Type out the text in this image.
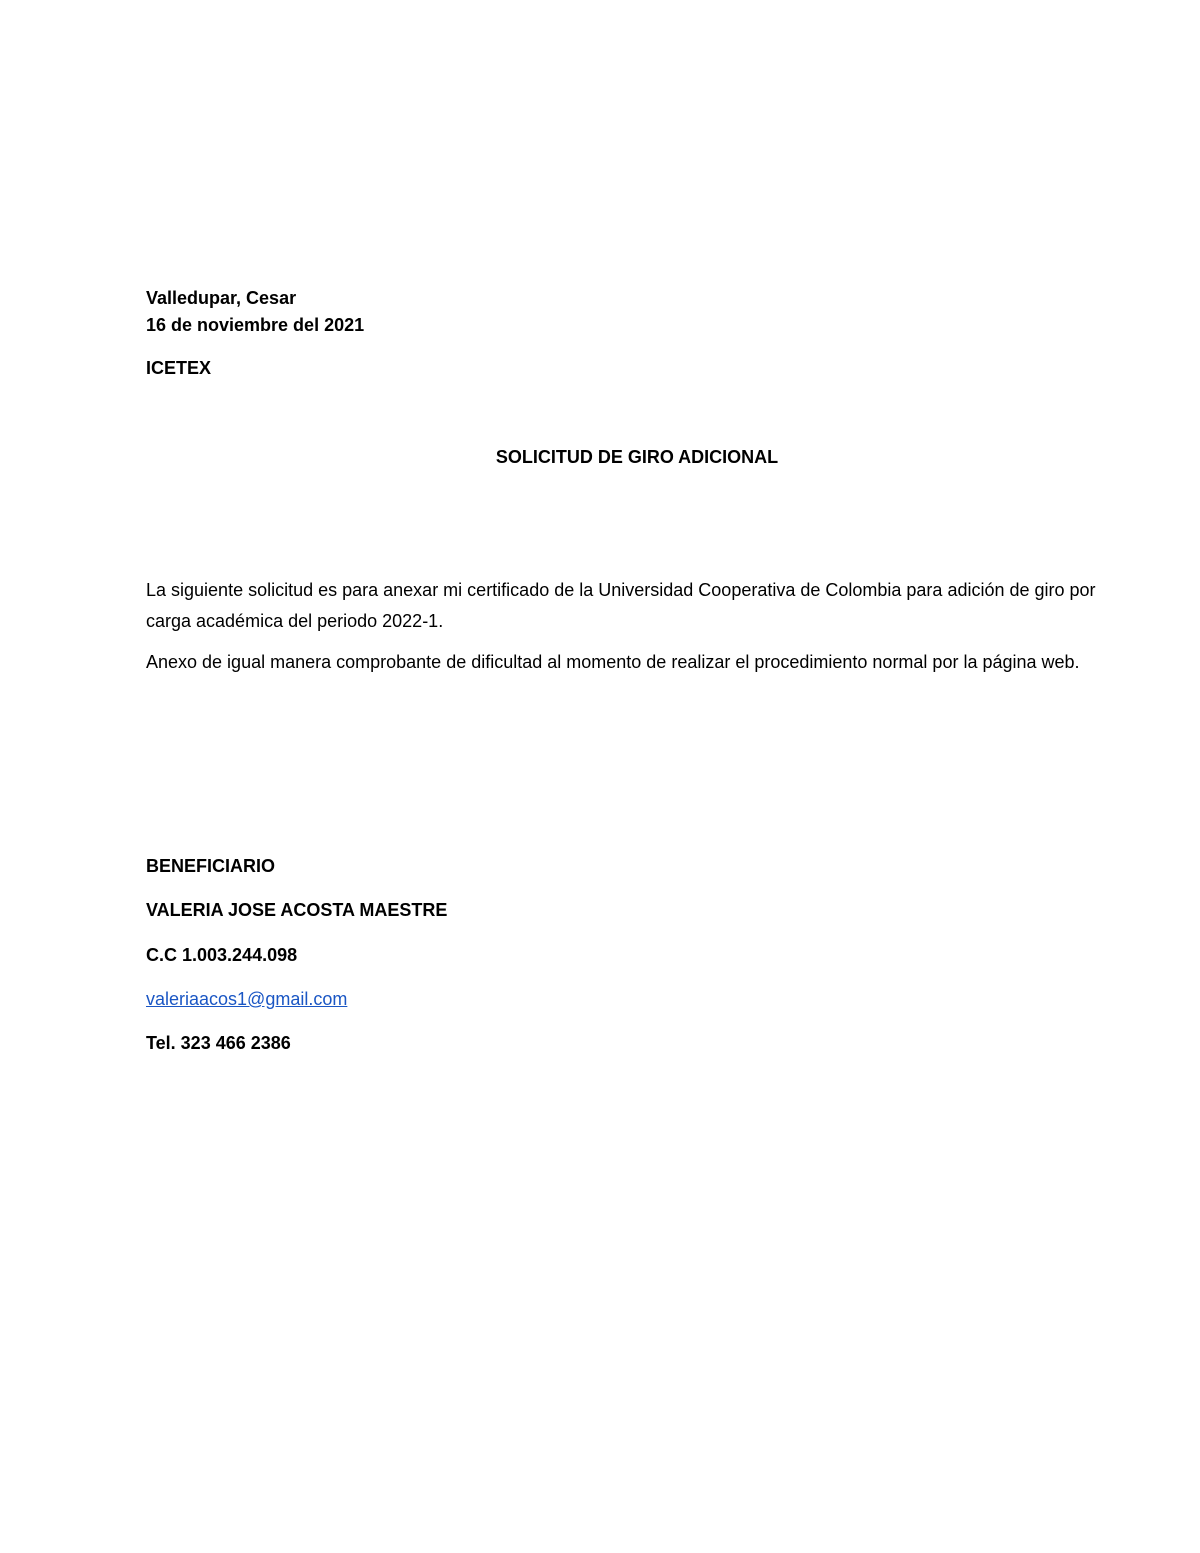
Valledupar, Cesar

16 de noviembre del 2021

ICETEX

SOLICITUD DE GIRO ADICIONAL

La siguiente solicitud es para anexar mi certificado de la Universidad Cooperativa de Colombia para adición de giro por carga académica del periodo 2022-1.

Anexo de igual manera comprobante de dificultad al momento de realizar el procedimiento normal por la página web.

BENEFICIARIO

VALERIA JOSE ACOSTA MAESTRE

C.C 1.003.244.098

valeriaacos1@gmail.com

Tel. 323 466 2386
